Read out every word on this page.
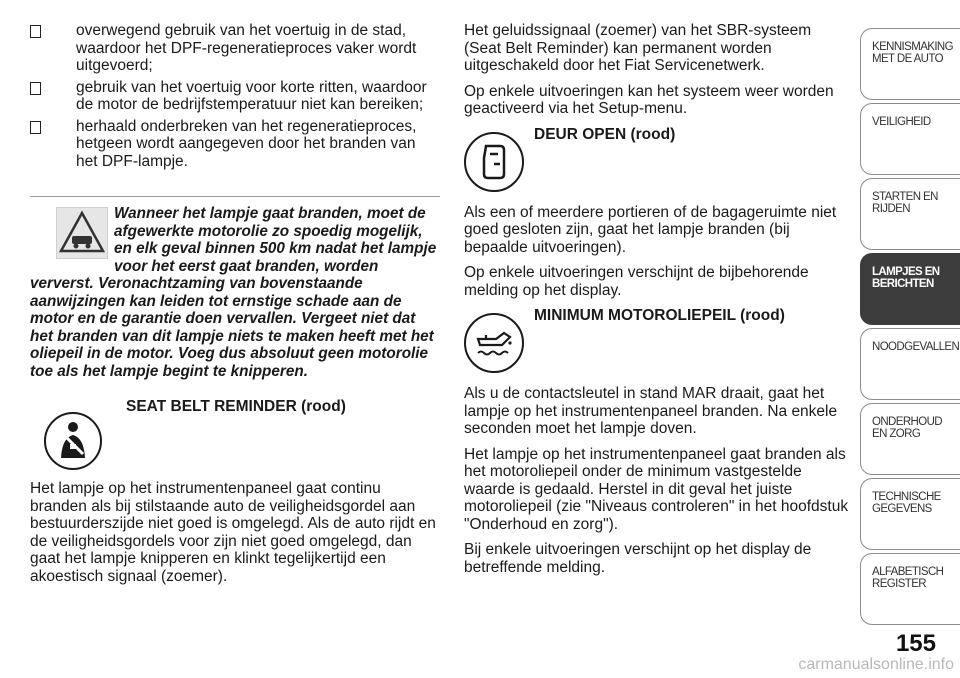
overwegend gebruik van het voertuig in de stad, waardoor het DPF-regeneratieproces vaker wordt uitgevoerd;
gebruik van het voertuig voor korte ritten, waardoor de motor de bedrijfstemperatuur niet kan bereiken;
herhaald onderbreken van het regeneratieproces, hetgeen wordt aangegeven door het branden van het DPF-lampje.
Wanneer het lampje gaat branden, moet de afgewerkte motorolie zo spoedig mogelijk, en elk geval binnen 500 km nadat het lampje voor het eerst gaat branden, worden ververst. Veronachtzaming van bovenstaande aanwijzingen kan leiden tot ernstige schade aan de motor en de garantie doen vervallen. Vergeet niet dat het branden van dit lampje niets te maken heeft met het oliepeil in de motor. Voeg dus absoluut geen motorolie toe als het lampje begint te knipperen.
SEAT BELT REMINDER (rood)

Het lampje op het instrumentenpaneel gaat continu branden als bij stilstaande auto de veiligheidsgordel aan bestuurderszijde niet goed is omgelegd. Als de auto rijdt en de veiligheidsgordels voor zijn niet goed omgelegd, dan gaat het lampje knipperen en klinkt tegelijkertijd een akoestisch signaal (zoemer).

Het geluidssignaal (zoemer) van het SBR-systeem (Seat Belt Reminder) kan permanent worden uitgeschakeld door het Fiat Servicenetwerk.

Op enkele uitvoeringen kan het systeem weer worden geactiveerd via het Setup-menu.

DEUR OPEN (rood)

Als een of meerdere portieren of de bagageruimte niet goed gesloten zijn, gaat het lampje branden (bij bepaalde uitvoeringen).

Op enkele uitvoeringen verschijnt de bijbehorende melding op het display.

MINIMUM MOTOROLIEPEIL (rood)

Als u de contactsleutel in stand MAR draait, gaat het lampje op het instrumentenpaneel branden. Na enkele seconden moet het lampje doven.

Het lampje op het instrumentenpaneel gaat branden als het motoroliepeil onder de minimum vastgestelde waarde is gedaald. Herstel in dit geval het juiste motoroliepeil (zie "Niveaus controleren" in het hoofdstuk "Onderhoud en zorg").

Bij enkele uitvoeringen verschijnt op het display de betreffende melding.

KENNISMAKING MET DE AUTO
VEILIGHEID
STARTEN EN RIJDEN
LAMPJES EN BERICHTEN
NOODGEVALLEN
ONDERHOUD EN ZORG
TECHNISCHE GEGEVENS
ALFABETISCH REGISTER
155
carmanualsonline.info
